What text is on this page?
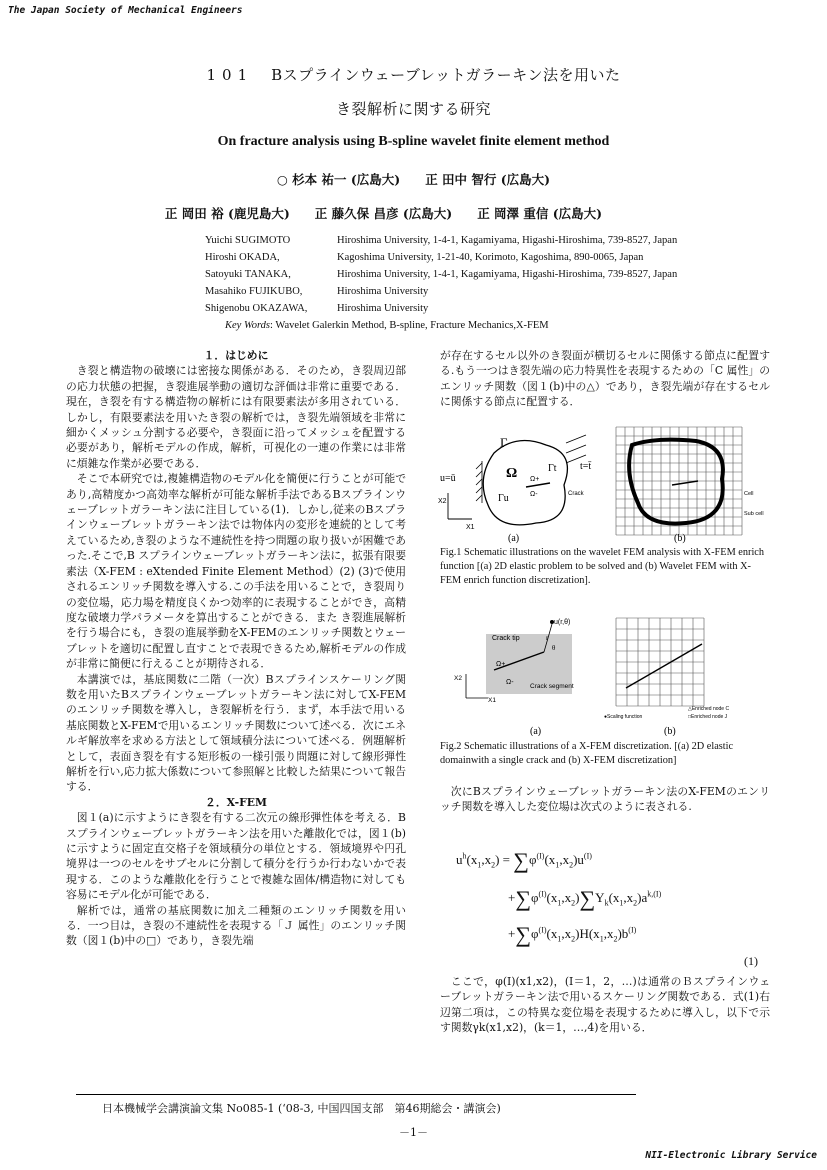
The Japan Society of Mechanical Engineers
101 Bスプラインウェーブレットガラーキン法を用いた
き裂解析に関する研究
On fracture analysis using B-spline wavelet finite element method
○ 杉本 祐一 (広島大)　　正 田中 智行 (広島大)
正 岡田 裕 (鹿児島大)　　正 藤久保 昌彦 (広島大)　　正 岡澤 重信 (広島大)
Yuichi SUGIMOTO	Hiroshima University, 1-4-1, Kagamiyama, Higashi-Hiroshima, 739-8527, Japan
Hiroshi OKADA,	Kagoshima University, 1-21-40, Korimoto, Kagoshima, 890-0065, Japan
Satoyuki TANAKA,	Hiroshima University, 1-4-1, Kagamiyama, Higashi-Hiroshima, 739-8527, Japan
Masahiko FUJIKUBO,	Hiroshima University
Shigenobu OKAZAWA,	Hiroshima University
Key Words: Wavelet Galerkin Method, B-spline, Fracture Mechanics,X-FEM

１．はじめに

き裂と構造物の破壊には密接な関係がある．そのため，き裂周辺部の応力状態の把握，き裂進展挙動の適切な評価は非常に重要である．現在，き裂を有する構造物の解析には有限要素法が多用されている．しかし，有限要素法を用いたき裂の解析では，き裂先端領域を非常に細かくメッシュ分割する必要や，き裂面に沿ってメッシュを配置する必要があり，解析モデルの作成，解析，可視化の一連の作業には非常に煩雑な作業が必要である．

そこで本研究では,複雑構造物のモデル化を簡便に行うことが可能であり,高精度かつ高効率な解析が可能な解析手法であるBスプラインウェーブレットガラーキン法に注目している(1)．しかし,従来のBスプラインウェーブレットガラーキン法では物体内の変形を連続的として考えているため,き裂のような不連続性を持つ問題の取り扱いが困難であった.そこで,B スプラインウェーブレットガラーキン法に，拡張有限要素法（X-FEM : eXtended Finite Element Method）(2) (3)で使用されるエンリッチ関数を導入する.この手法を用いることで，き裂周りの変位場，応力場を精度良くかつ効率的に表現することができ，高精度な破壊力学パラメータを算出することができる．また き裂進展解析を行う場合にも，き裂の進展挙動をX-FEMのエンリッチ関数とウェーブレットを適切に配置し直すことで表現できるため,解析モデルの作成が非常に簡便に行えることが期待される．

本講演では，基底関数に二階（一次）Bスプラインスケーリング関数を用いたBスプラインウェーブレットガラーキン法に対してX-FEMのエンリッチ関数を導入し，き裂解析を行う．まず，本手法で用いる基底関数とX-FEMで用いるエンリッチ関数について述べる．次にエネルギ解放率を求める方法として領域積分法について述べる．例題解析として，表面き裂を有する矩形板の一様引張り問題に対して線形弾性解析を行い,応力拡大係数について参照解と比較した結果について報告する．

２．X-FEM

図１(a)に示すようにき裂を有する二次元の線形弾性体を考える．Bスプラインウェーブレットガラーキン法を用いた離散化では，図１(b)に示すように固定直交格子を領域積分の単位とする．領域境界や円孔境界は一つのセルをサブセルに分割して積分を行うか行わないかで表現する．このような離散化を行うことで複雑な固体/構造物に対しても容易にモデル化が可能である．

解析では，通常の基底関数に加え二種類のエンリッチ関数を用いる．一つ目は，き裂の不連続性を表現する「Ｊ 属性」のエンリッチ関数（図１(b)中の□）であり，き裂先端

が存在するセル以外のき裂面が横切るセルに関係する節点に配置する.もう一つはき裂先端の応力特異性を表現するための「C 属性」のエンリッチ関数（図１(b)中の△）であり，き裂先端が存在するセルに関係する節点に配置する．

Γ
Ω	Γt
Γu
t=t̄
u=ū	Ω+
Ω-	Crack
X2
X1
(a)
Cell
Sub cell
(b)
Fig.1 Schematic illustrations on the wavelet FEM analysis with X-FEM enrich function [(a) 2D elastic problem to be solved and (b) Wavelet FEM with X-FEM enrich function discretization].
u(r,θ)
r
θ
Crack tip
Ω+
Ω-
Crack segment
X2
X1
(a)
●Scaling function
△Enriched node C
□Enriched node J
(b)
Fig.2 Schematic illustrations of a X-FEM discretization. [(a) 2D elastic domainwith a single crack and (b) X-FEM discretization]

次にBスプラインウェーブレットガラーキン法のX-FEMのエンリッチ関数を導入した変位場は次式のように表される.

$u^h(x_1,x_2) = \sum\varphi^{(I)}(x_1,x_2)u^{(I)}$
$+\sum\varphi^{(I)}(x_1,x_2)\sum\Upsilon_k(x_1,x_2)a^{k,(I)}$
$+\sum\varphi^{(I)}(x_1,x_2)H(x_1,x_2)b^{(I)}$
(1)

ここで，φ(I)(x1,x2)，(I＝1，2，…)は通常のＢスプラインウェーブレットガラーキン法で用いるスケーリング関数である．式(1)右辺第二項は，この特異な変位場を表現するために導入し，以下で示す関数γk(x1,x2)，(k＝1，…,4)を用いる．

日本機械学会講演論文集 No085-1 (ʻ08-3, 中国四国支部　第46期総会・講演会)
－1－
NII-Electronic Library Service
